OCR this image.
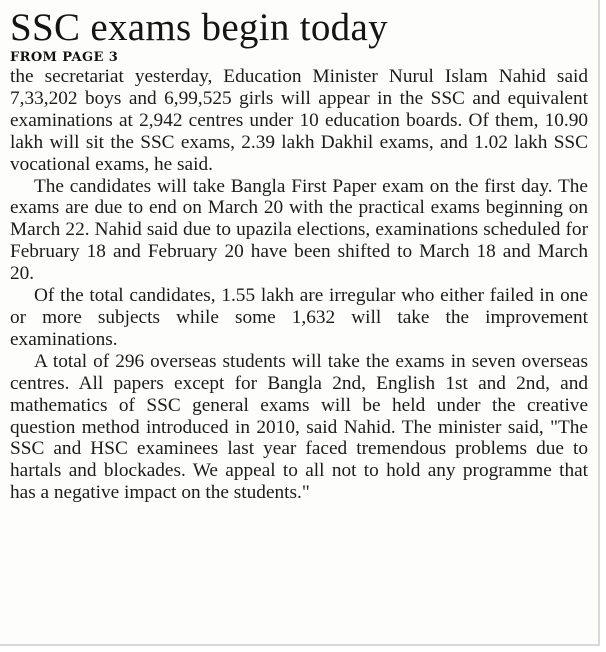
SSC exams begin today
FROM PAGE 3

the secretariat yesterday, Education Minister Nurul Islam Nahid said 7,33,202 boys and 6,99,525 girls will appear in the SSC and equivalent examinations at 2,942 centres under 10 education boards. Of them, 10.90 lakh will sit the SSC exams, 2.39 lakh Dakhil exams, and 1.02 lakh SSC vocational exams, he said.

The candidates will take Bangla First Paper exam on the first day. The exams are due to end on March 20 with the practical exams beginning on March 22. Nahid said due to upazila elections, examinations scheduled for February 18 and February 20 have been shifted to March 18 and March 20.

Of the total candidates, 1.55 lakh are irregular who either failed in one or more subjects while some 1,632 will take the improvement examinations.

A total of 296 overseas students will take the exams in seven overseas centres. All papers except for Bangla 2nd, English 1st and 2nd, and mathematics of SSC general exams will be held under the creative question method introduced in 2010, said Nahid. The minister said, "The SSC and HSC examinees last year faced tremendous problems due to hartals and blockades. We appeal to all not to hold any programme that has a negative impact on the students."
